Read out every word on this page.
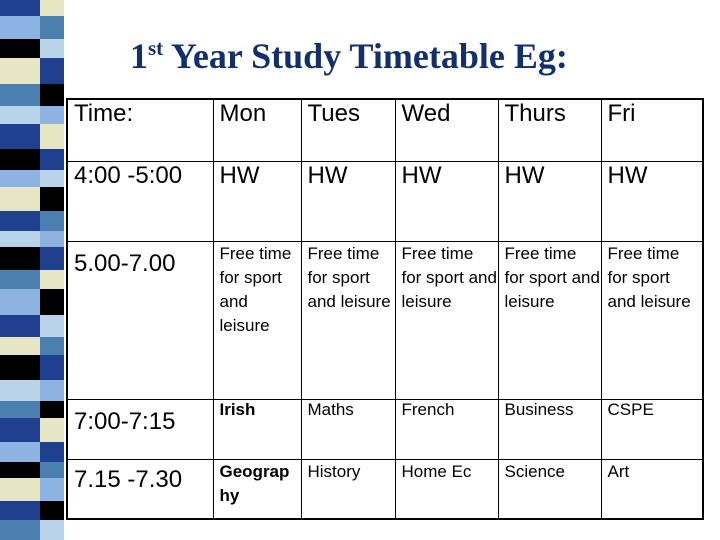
1st Year Study Timetable Eg:
Time:	Mon	Tues	Wed	Thurs	Fri
4:00 -5:00	HW	HW	HW	HW	HW
5.00-7.00	Free time for sport and leisure	Free time for sport and leisure	Free time for sport and leisure	Free time for sport and leisure	Free time for sport and leisure
7:00-7:15	Irish	Maths	French	Business	CSPE
7.15 -7.30	Geography	History	Home Ec	Science	Art
